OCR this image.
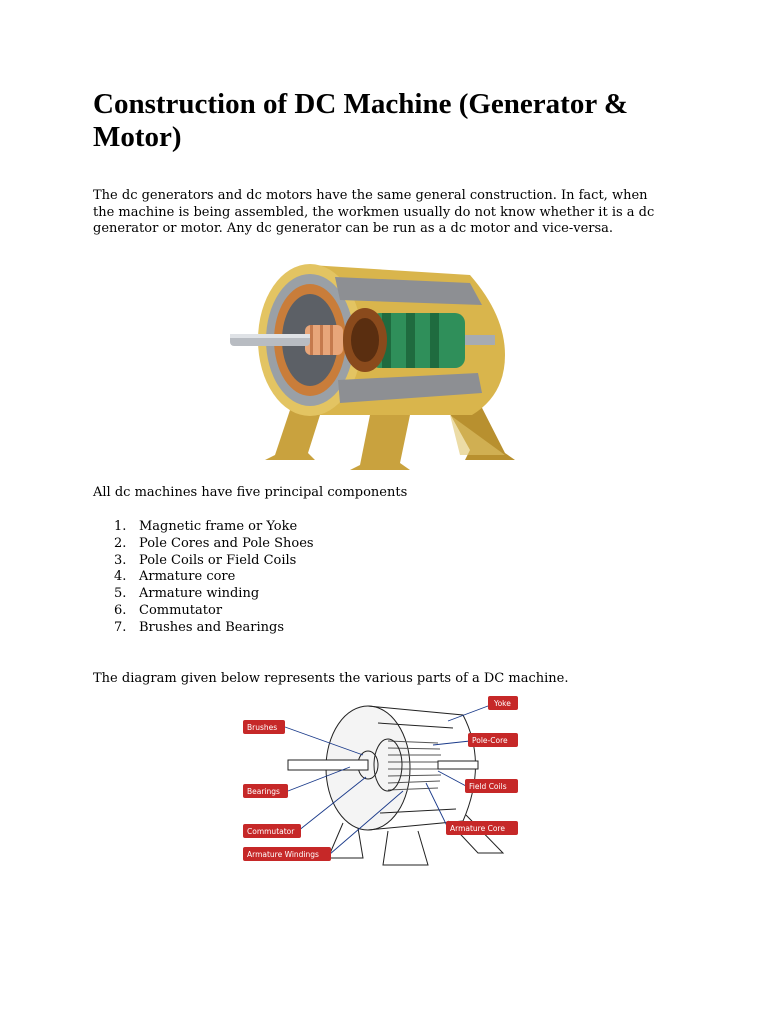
Construction of DC Machine (Generator & Motor)

The dc generators and dc motors have the same general construction. In fact, when
the machine is being assembled, the workmen usually do not know whether it is a dc
generator or motor. Any dc generator can be run as a dc motor and vice-versa.

All dc machines have five principal components

1. Magnetic frame or Yoke
2. Pole Cores and Pole Shoes
3. Pole Coils or Field Coils
4. Armature core
5. Armature winding
6. Commutator
7. Brushes and Bearings

The diagram given below represents the various parts of a DC machine.

Yoke
Brushes
Pole-Core
Bearings
Field Coils
Commutator	Armature Core
Armature Windings
